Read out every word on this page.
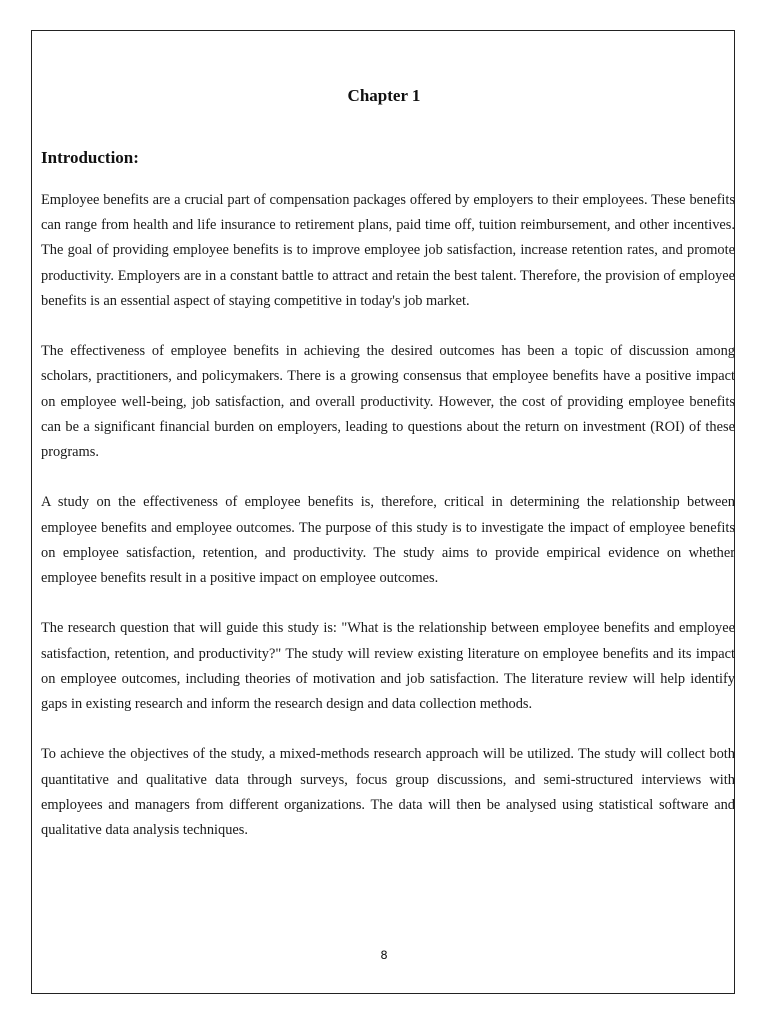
Chapter 1
Introduction:

Employee benefits are a crucial part of compensation packages offered by employers to their employees. These benefits can range from health and life insurance to retirement plans, paid time off, tuition reimbursement, and other incentives. The goal of providing employee benefits is to improve employee job satisfaction, increase retention rates, and promote productivity. Employers are in a constant battle to attract and retain the best talent. Therefore, the provision of employee benefits is an essential aspect of staying competitive in today's job market.

The effectiveness of employee benefits in achieving the desired outcomes has been a topic of discussion among scholars, practitioners, and policymakers. There is a growing consensus that employee benefits have a positive impact on employee well-being, job satisfaction, and overall productivity. However, the cost of providing employee benefits can be a significant financial burden on employers, leading to questions about the return on investment (ROI) of these programs.

A study on the effectiveness of employee benefits is, therefore, critical in determining the relationship between employee benefits and employee outcomes. The purpose of this study is to investigate the impact of employee benefits on employee satisfaction, retention, and productivity. The study aims to provide empirical evidence on whether employee benefits result in a positive impact on employee outcomes.

The research question that will guide this study is: "What is the relationship between employee benefits and employee satisfaction, retention, and productivity?" The study will review existing literature on employee benefits and its impact on employee outcomes, including theories of motivation and job satisfaction. The literature review will help identify gaps in existing research and inform the research design and data collection methods.

To achieve the objectives of the study, a mixed-methods research approach will be utilized. The study will collect both quantitative and qualitative data through surveys, focus group discussions, and semi-structured interviews with employees and managers from different organizations. The data will then be analysed using statistical software and qualitative data analysis techniques.

8
